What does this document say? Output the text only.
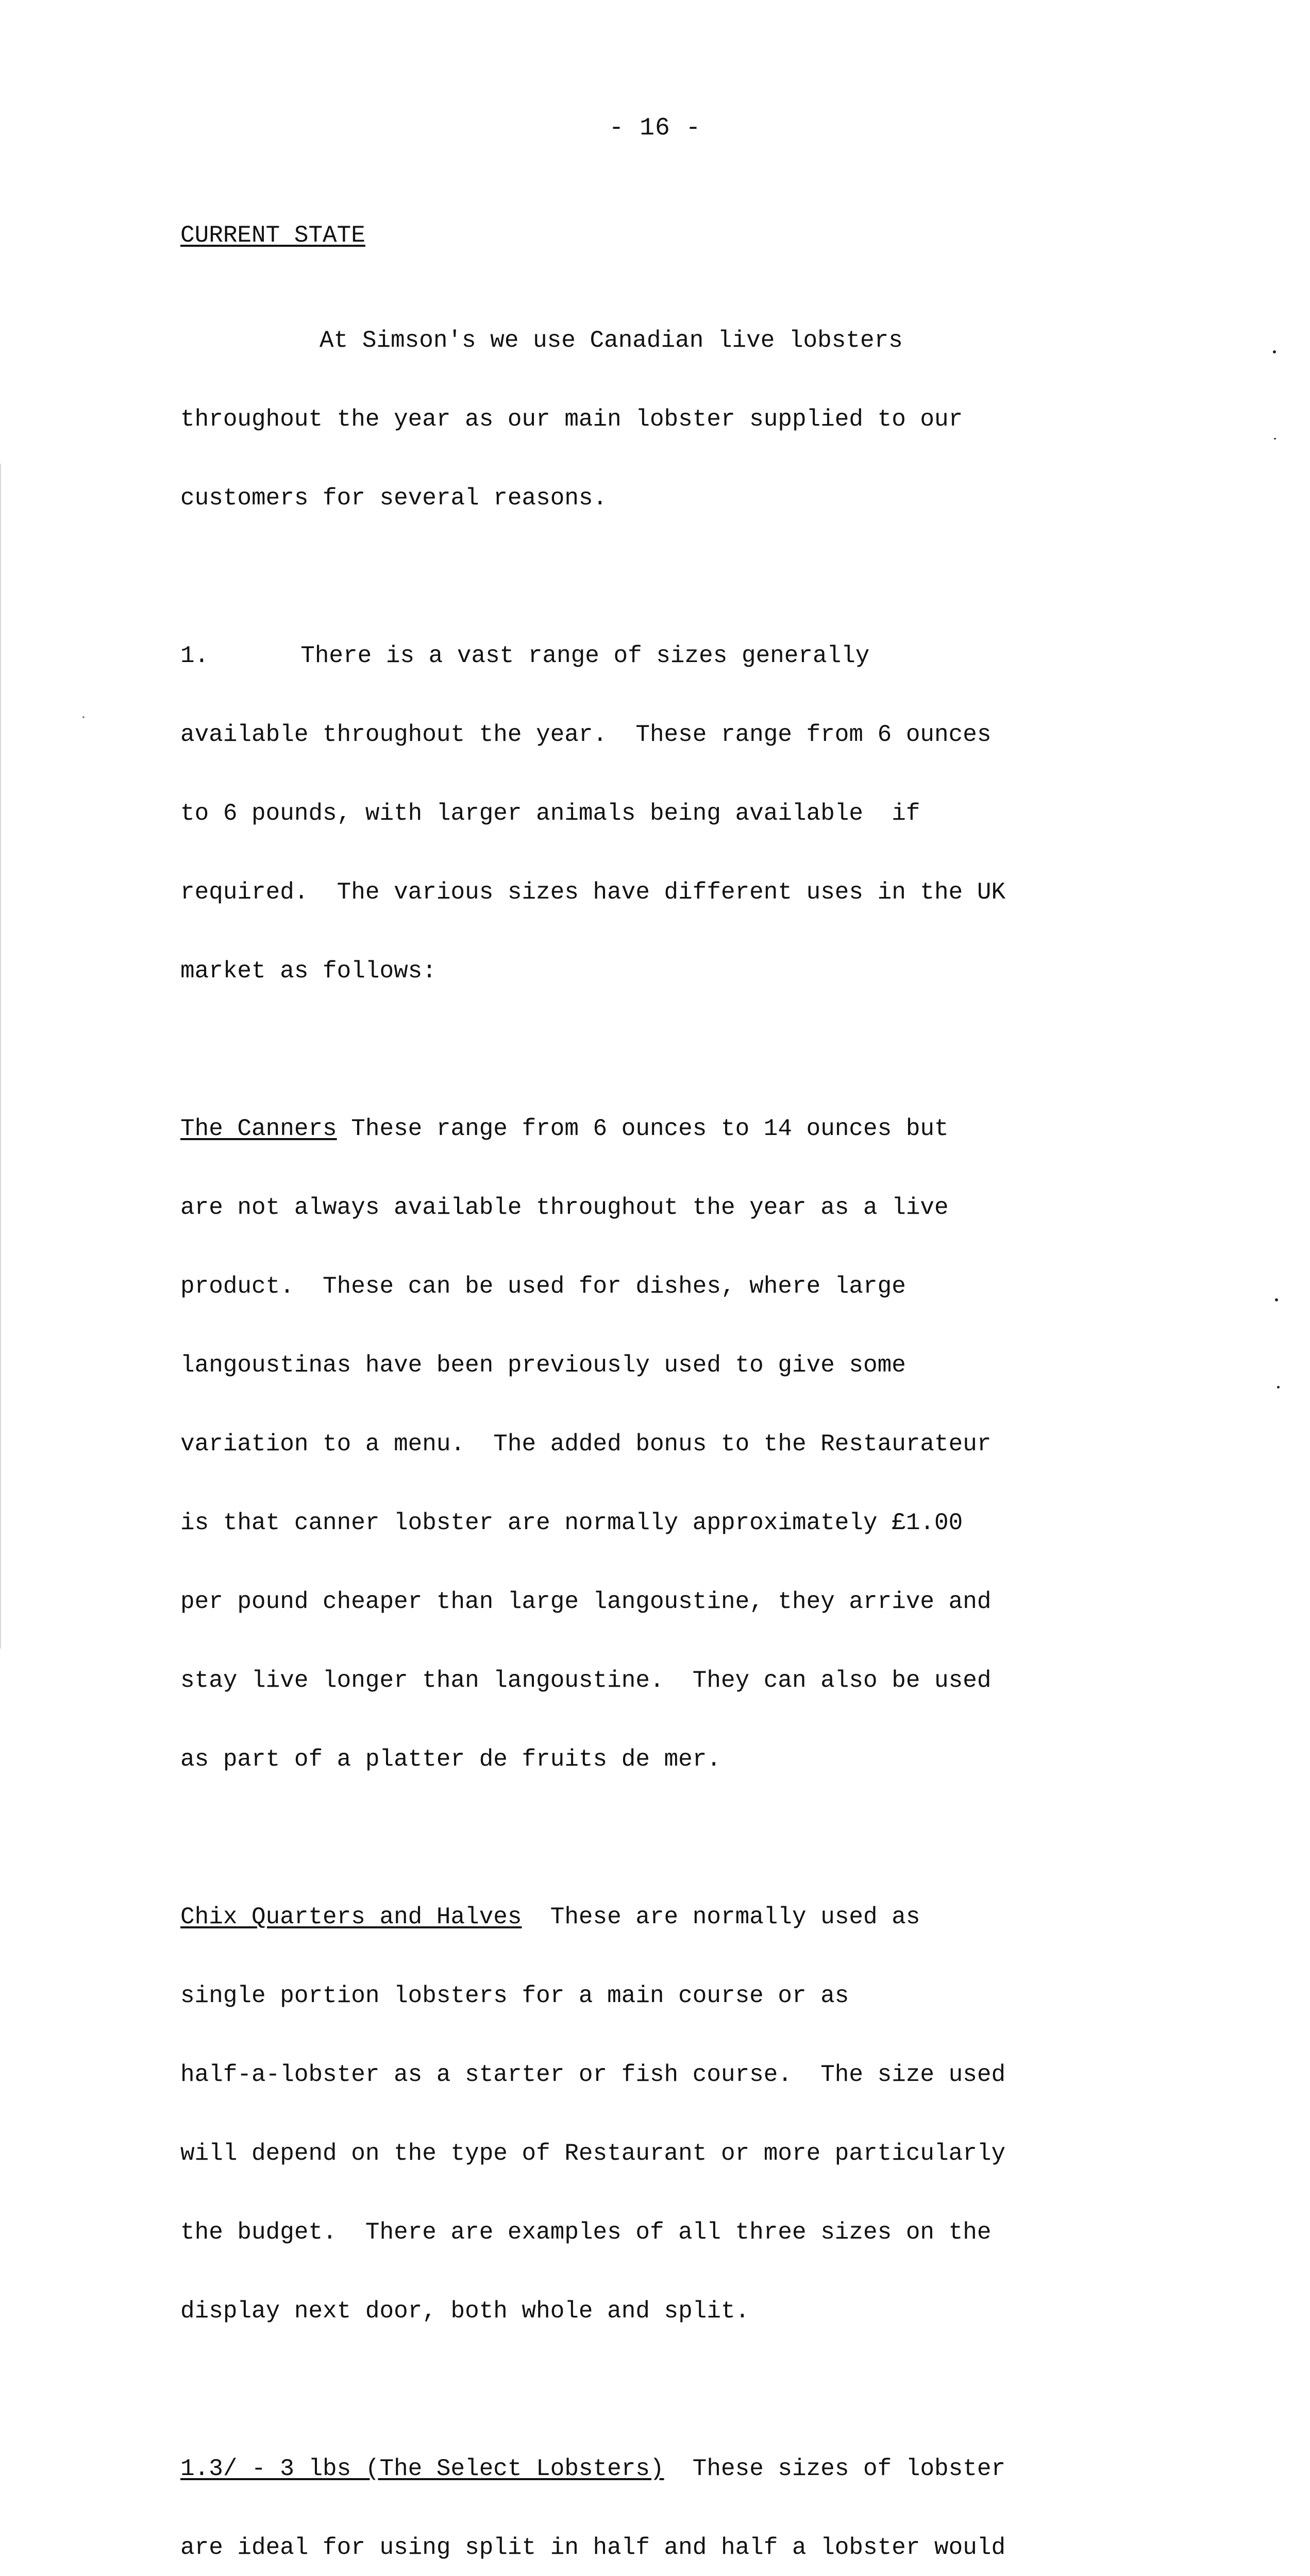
- 16 -
CURRENT STATE

At Simson's we use Canadian live lobsters

throughout the year as our main lobster supplied to our

customers for several reasons.

1.	There is a vast range of sizes generally

available throughout the year.  These range from 6 ounces

to 6 pounds, with larger animals being available  if

required.  The various sizes have different uses in the UK

market as follows:

The Canners These range from 6 ounces to 14 ounces but

are not always available throughout the year as a live

product.  These can be used for dishes, where large

langoustinas have been previously used to give some

variation to a menu.  The added bonus to the Restaurateur

is that canner lobster are normally approximately £1.00

per pound cheaper than large langoustine, they arrive and

stay live longer than langoustine.  They can also be used

as part of a platter de fruits de mer.

Chix Quarters and Halves  These are normally used as

single portion lobsters for a main course or as

half-a-lobster as a starter or fish course.  The size used

will depend on the type of Restaurant or more particularly

the budget.  There are examples of all three sizes on the

display next door, both whole and split.

1.3/ - 3 lbs (The Select Lobsters)  These sizes of lobster

are ideal for using split in half and half a lobster would
